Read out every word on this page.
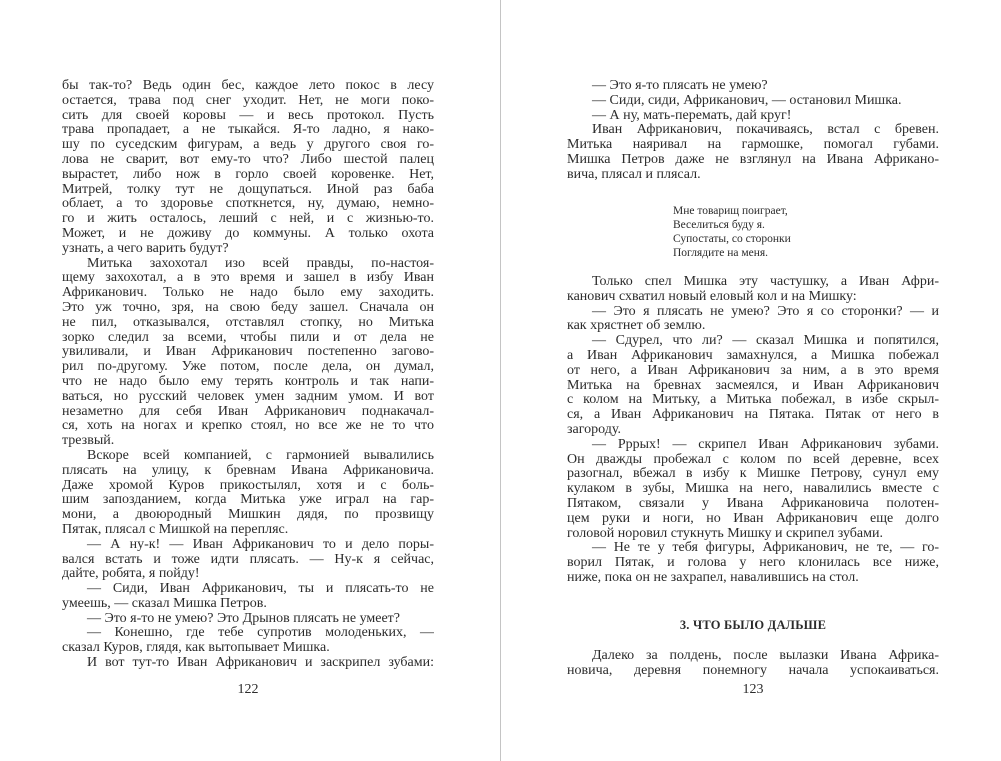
бы так-то? Ведь один бес, каждое лето покос в лесу
остается, трава под снег уходит. Нет, не моги поко-
сить для своей коровы — и весь протокол. Пусть
трава пропадает, а не тыкайся. Я-то ладно, я нако-
шу по суседским фигурам, а ведь у другого своя го-
лова не сварит, вот ему-то что? Либо шестой палец
вырастет, либо нож в горло своей коровенке. Нет,
Митрей, толку тут не дощупаться. Иной раз баба
облает, а то здоровье споткнется, ну, думаю, немно-
го и жить осталось, леший с ней, и с жизнью-то.
Может, и не доживу до коммуны. А только охота
узнать, а чего варить будут?
Митька захохотал изо всей правды, по-настоя-
щему захохотал, а в это время и зашел в избу Иван
Африканович. Только не надо было ему заходить.
Это уж точно, зря, на свою беду зашел. Сначала он
не пил, отказывался, отставлял стопку, но Митька
зорко следил за всеми, чтобы пили и от дела не
увиливали, и Иван Африканович постепенно загово-
рил по-другому. Уже потом, после дела, он думал,
что не надо было ему терять контроль и так напи-
ваться, но русский человек умен задним умом. И вот
незаметно для себя Иван Африканович поднакачал-
ся, хоть на ногах и крепко стоял, но все же не то что
трезвый.
Вскоре всей компанией, с гармонией вывалились
плясать на улицу, к бревнам Ивана Африкановича.
Даже хромой Куров прикостылял, хотя и с боль-
шим запозданием, когда Митька уже играл на гар-
мони, а двоюродный Мишкин дядя, по прозвищу
Пятак, плясал с Мишкой на перепляс.
— А ну-к! — Иван Африканович то и дело поры-
вался встать и тоже идти плясать. — Ну-к я сейчас,
дайте, робята, я пойду!
— Сиди, Иван Африканович, ты и плясать-то не
умеешь, — сказал Мишка Петров.
— Это я-то не умею? Это Дрынов плясать не умеет?
— Конешно, где тебе супротив молоденьких, —
сказал Куров, глядя, как вытопывает Мишка.
И вот тут-то Иван Африканович и заскрипел зубами:
122
— Это я-то плясать не умею?
— Сиди, сиди, Африканович, — остановил Мишка.
— А ну, мать-перемать, дай круг!
Иван Африканович, покачиваясь, встал с бревен.
Митька наяривал на гармошке, помогал губами.
Мишка Петров даже не взглянул на Ивана Африкано-
вича, плясал и плясал.
Мне товарищ поиграет,
Веселиться буду я.
Супостаты, со сторонки
Поглядите на меня.
Только спел Мишка эту частушку, а Иван Афри-
канович схватил новый еловый кол и на Мишку:
— Это я плясать не умею? Это я со сторонки? — и
как хрястнет об землю.
— Сдурел, что ли? — сказал Мишка и попятился,
а Иван Африканович замахнулся, а Мишка побежал
от него, а Иван Африканович за ним, а в это время
Митька на бревнах засмеялся, и Иван Африканович
с колом на Митьку, а Митька побежал, в избе скрыл-
ся, а Иван Африканович на Пятака. Пятак от него в
загороду.
— Рррых! — скрипел Иван Африканович зубами.
Он дважды пробежал с колом по всей деревне, всех
разогнал, вбежал в избу к Мишке Петрову, сунул ему
кулаком в зубы, Мишка на него, навалились вместе с
Пятаком, связали у Ивана Африкановича полотен-
цем руки и ноги, но Иван Африканович еще долго
головой норовил стукнуть Мишку и скрипел зубами.
— Не те у тебя фигуры, Африканович, не те, — го-
ворил Пятак, и голова у него клонилась все ниже,
ниже, пока он не захрапел, навалившись на стол.
3. ЧТО БЫЛО ДАЛЬШЕ
Далеко за полдень, после вылазки Ивана Африка-
новича, деревня понемногу начала успокаиваться.
123
